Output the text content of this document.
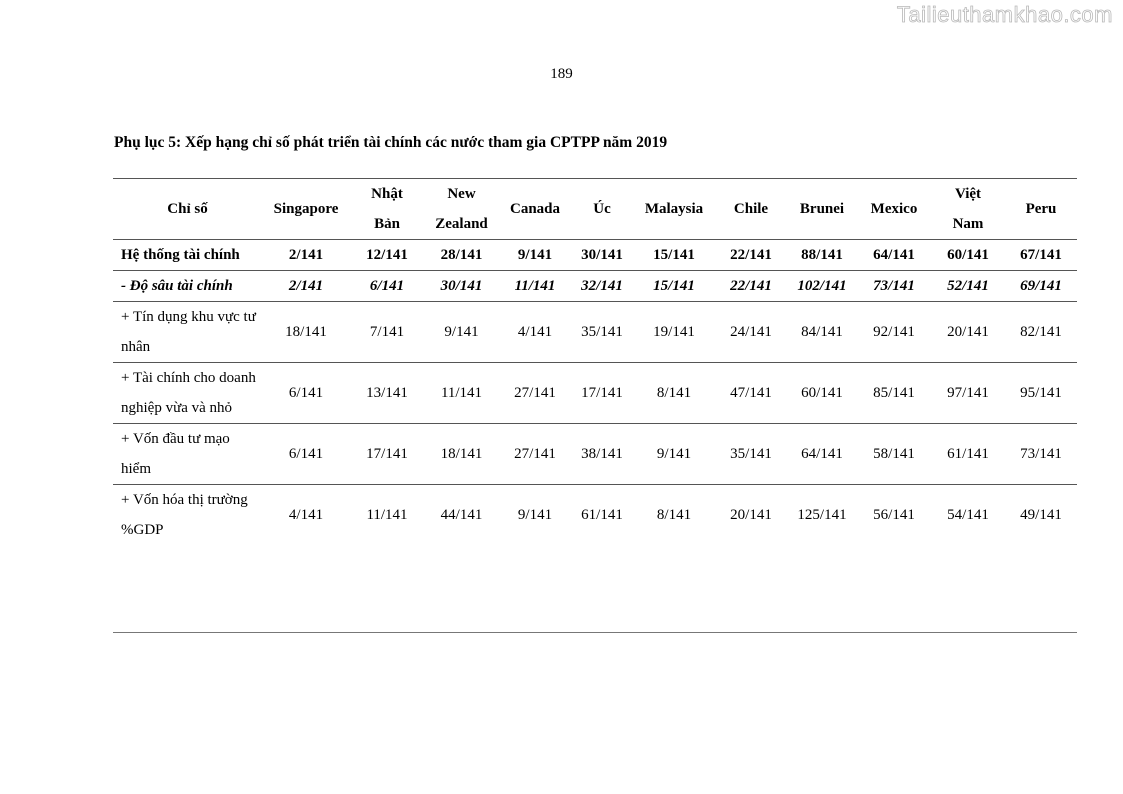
Tailieuthamkhao.com
189
Phụ lục 5: Xếp hạng chỉ số phát triển tài chính các nước tham gia CPTPP năm 2019
Chỉ số	Singapore	Nhật Bản	New Zealand	Canada	Úc	Malaysia	Chile	Brunei	Mexico	Việt Nam	Peru
Hệ thống tài chính	2/141	12/141	28/141	9/141	30/141	15/141	22/141	88/141	64/141	60/141	67/141
- Độ sâu tài chính	2/141	6/141	30/141	11/141	32/141	15/141	22/141	102/141	73/141	52/141	69/141
+ Tín dụng khu vực tư nhân	18/141	7/141	9/141	4/141	35/141	19/141	24/141	84/141	92/141	20/141	82/141
+ Tài chính cho doanh nghiệp vừa và nhỏ	6/141	13/141	11/141	27/141	17/141	8/141	47/141	60/141	85/141	97/141	95/141
+ Vốn đầu tư mạo hiểm	6/141	17/141	18/141	27/141	38/141	9/141	35/141	64/141	58/141	61/141	73/141
+ Vốn hóa thị trường %GDP	4/141	11/141	44/141	9/141	61/141	8/141	20/141	125/141	56/141	54/141	49/141
